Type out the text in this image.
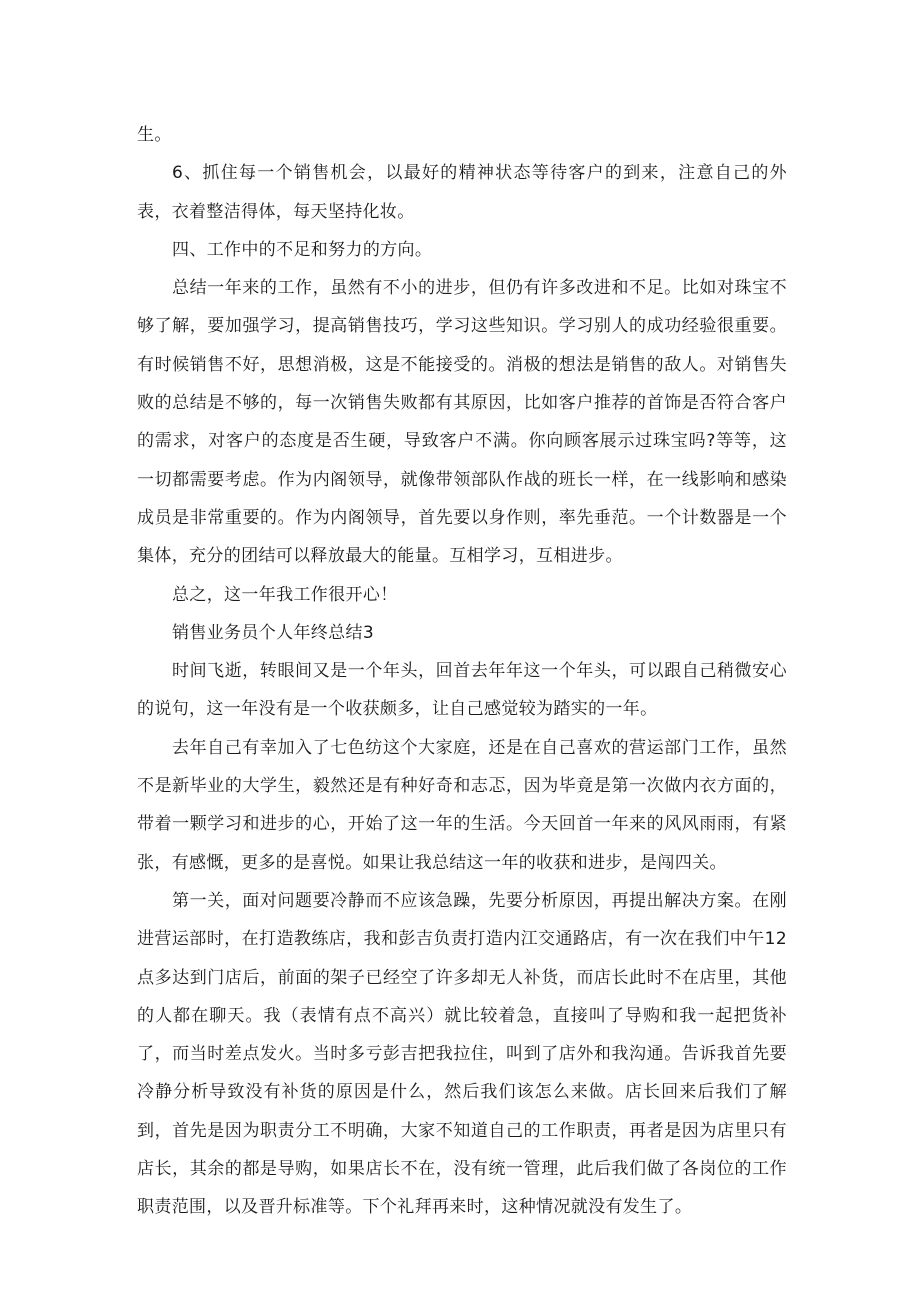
生。

6、抓住每一个销售机会，以最好的精神状态等待客户的到来，注意自己的外表，衣着整洁得体，每天坚持化妆。

四、工作中的不足和努力的方向。

总结一年来的工作，虽然有不小的进步，但仍有许多改进和不足。比如对珠宝不够了解，要加强学习，提高销售技巧，学习这些知识。学习别人的成功经验很重要。有时候销售不好，思想消极，这是不能接受的。消极的想法是销售的敌人。对销售失败的总结是不够的，每一次销售失败都有其原因，比如客户推荐的首饰是否符合客户的需求，对客户的态度是否生硬，导致客户不满。你向顾客展示过珠宝吗?等等，这一切都需要考虑。作为内阁领导，就像带领部队作战的班长一样，在一线影响和感染成员是非常重要的。作为内阁领导，首先要以身作则，率先垂范。一个计数器是一个集体，充分的团结可以释放最大的能量。互相学习，互相进步。

总之，这一年我工作很开心！

销售业务员个人年终总结3

时间飞逝，转眼间又是一个年头，回首去年年这一个年头，可以跟自己稍微安心的说句，这一年没有是一个收获颇多，让自己感觉较为踏实的一年。

去年自己有幸加入了七色纺这个大家庭，还是在自己喜欢的营运部门工作，虽然不是新毕业的大学生，毅然还是有种好奇和志忑，因为毕竟是第一次做内衣方面的，带着一颗学习和进步的心，开始了这一年的生活。今天回首一年来的风风雨雨，有紧张，有感慨，更多的是喜悦。如果让我总结这一年的收获和进步，是闯四关。

第一关，面对问题要冷静而不应该急躁，先要分析原因，再提出解决方案。在刚进营运部时，在打造教练店，我和彭吉负责打造内江交通路店，有一次在我们中午12点多达到门店后，前面的架子已经空了许多却无人补货，而店长此时不在店里，其他的人都在聊天。我（表情有点不高兴）就比较着急，直接叫了导购和我一起把货补了，而当时差点发火。当时多亏彭吉把我拉住，叫到了店外和我沟通。告诉我首先要冷静分析导致没有补货的原因是什么，然后我们该怎么来做。店长回来后我们了解到，首先是因为职责分工不明确，大家不知道自己的工作职责，再者是因为店里只有店长，其余的都是导购，如果店长不在，没有统一管理，此后我们做了各岗位的工作职责范围，以及晋升标准等。下个礼拜再来时，这种情况就没有发生了。
